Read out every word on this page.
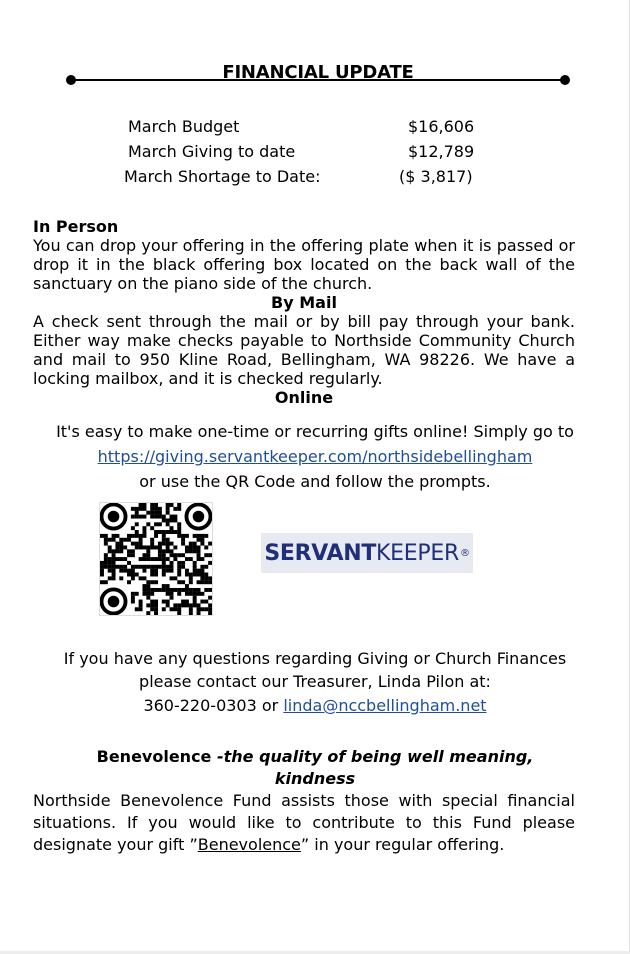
FINANCIAL UPDATE
March Budget	$16,606
March Giving to date	$12,789
March Shortage to Date:	($ 3,817)
In Person
You can drop your offering in the offering plate when it is passed or drop it in the black offering box located on the back wall of the sanctuary on the piano side of the church.
By Mail
A check sent through the mail or by bill pay through your bank. Either way make checks payable to Northside Community Church and mail to 950 Kline Road, Bellingham, WA 98226. We have a locking mailbox, and it is checked regularly.
Online
It's easy to make one-time or recurring gifts online! Simply go to
https://giving.servantkeeper.com/northsidebellingham
or use the QR Code and follow the prompts.
SERVANT KEEPER ®
If you have any questions regarding Giving or Church Finances
please contact our Treasurer, Linda Pilon at:
360-220-0303 or linda@nccbellingham.net
Benevolence -the quality of being well meaning,
kindness
Northside Benevolence Fund assists those with special financial situations. If you would like to contribute to this Fund please designate your gift ”Benevolence” in your regular offering.
